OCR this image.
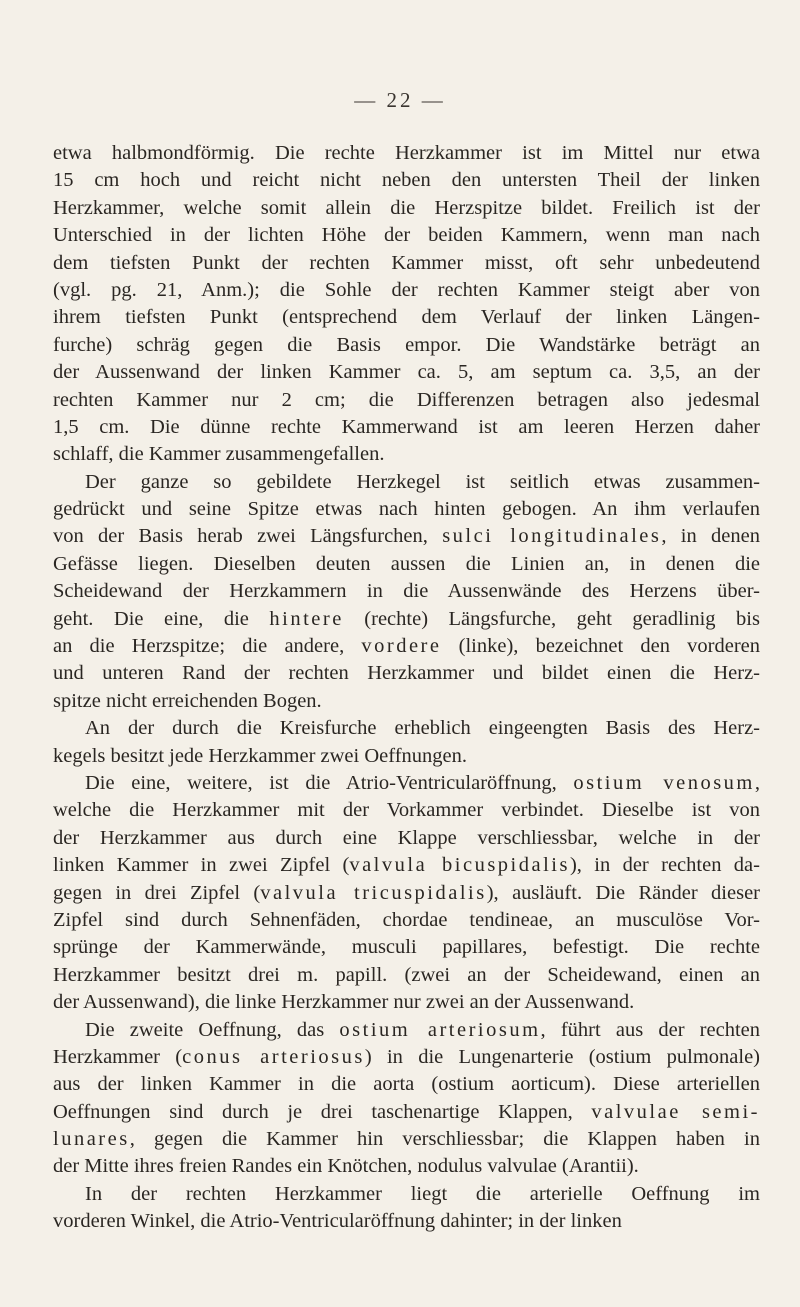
— 22 —
etwa halbmondförmig. Die rechte Herzkammer ist im Mittel nur etwa
15 cm hoch und reicht nicht neben den untersten Theil der linken
Herzkammer, welche somit allein die Herzspitze bildet. Freilich ist der
Unterschied in der lichten Höhe der beiden Kammern, wenn man nach
dem tiefsten Punkt der rechten Kammer misst, oft sehr unbedeutend
(vgl. pg. 21, Anm.); die Sohle der rechten Kammer steigt aber von
ihrem tiefsten Punkt (entsprechend dem Verlauf der linken Längen-
furche) schräg gegen die Basis empor. Die Wandstärke beträgt an
der Aussenwand der linken Kammer ca. 5, am septum ca. 3,5, an der
rechten Kammer nur 2 cm; die Differenzen betragen also jedesmal
1,5 cm. Die dünne rechte Kammerwand ist am leeren Herzen daher
schlaff, die Kammer zusammengefallen.
Der ganze so gebildete Herzkegel ist seitlich etwas zusammen-
gedrückt und seine Spitze etwas nach hinten gebogen. An ihm verlaufen
von der Basis herab zwei Längsfurchen, sulci longitudinales, in denen
Gefässe liegen. Dieselben deuten aussen die Linien an, in denen die
Scheidewand der Herzkammern in die Aussenwände des Herzens über-
geht. Die eine, die hintere (rechte) Längsfurche, geht geradlinig bis
an die Herzspitze; die andere, vordere (linke), bezeichnet den vorderen
und unteren Rand der rechten Herzkammer und bildet einen die Herz-
spitze nicht erreichenden Bogen.
An der durch die Kreisfurche erheblich eingeengten Basis des Herz-
kegels besitzt jede Herzkammer zwei Oeffnungen.
Die eine, weitere, ist die Atrio-Ventricularöffnung, ostium venosum,
welche die Herzkammer mit der Vorkammer verbindet. Dieselbe ist von
der Herzkammer aus durch eine Klappe verschliessbar, welche in der
linken Kammer in zwei Zipfel (valvula bicuspidalis), in der rechten da-
gegen in drei Zipfel (valvula tricuspidalis), ausläuft. Die Ränder dieser
Zipfel sind durch Sehnenfäden, chordae tendineae, an musculöse Vor-
sprünge der Kammerwände, musculi papillares, befestigt. Die rechte
Herzkammer besitzt drei m. papill. (zwei an der Scheidewand, einen an
der Aussenwand), die linke Herzkammer nur zwei an der Aussenwand.
Die zweite Oeffnung, das ostium arteriosum, führt aus der rechten
Herzkammer (conus arteriosus) in die Lungenarterie (ostium pulmonale)
aus der linken Kammer in die aorta (ostium aorticum). Diese arteriellen
Oeffnungen sind durch je drei taschenartige Klappen, valvulae semi-
lunares, gegen die Kammer hin verschliessbar; die Klappen haben in
der Mitte ihres freien Randes ein Knötchen, nodulus valvulae (Arantii).
In der rechten Herzkammer liegt die arterielle Oeffnung im
vorderen Winkel, die Atrio-Ventricularöffnung dahinter; in der linken
